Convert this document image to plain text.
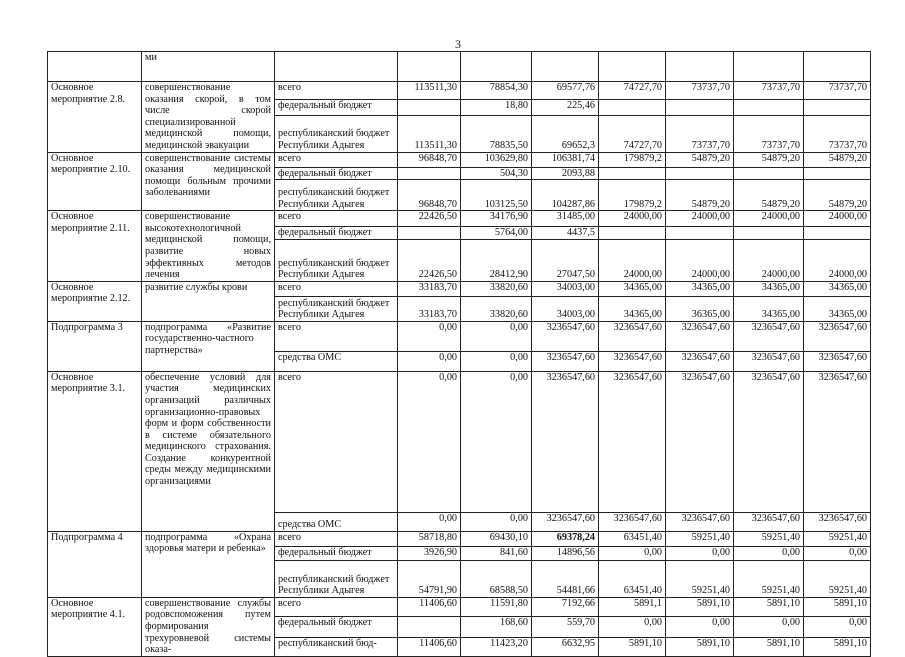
3
	ми								
Основное мероприятие 2.8.	совершенствование оказания скорой, в том числе скорой специализированной медицинской помощи, медицинской эвакуации	всего	113511,30	78854,30	69577,76	74727,70	73737,70	73737,70	73737,70
		федеральный бюджет		18,80	225,46				
		республиканский бюджет Республики Адыгея	113511,30	78835,50	69652,3	74727,70	73737,70	73737,70	73737,70
Основное мероприятие 2.10.	совершенствование системы оказания медицинской помощи больным прочими заболеваниями	всего	96848,70	103629,80	106381,74	179879,2	54879,20	54879,20	54879,20
		федеральный бюджет		504,30	2093,88				
		республиканский бюджет Республики Адыгея	96848,70	103125,50	104287,86	179879,2	54879,20	54879,20	54879,20
Основное мероприятие 2.11.	совершенствование высокотехнологичной медицинской помощи, развитие новых эффективных методов лечения	всего	22426,50	34176,90	31485,00	24000,00	24000,00	24000,00	24000,00
		федеральный бюджет		5764,00	4437,5				
		республиканский бюджет Республики Адыгея	22426,50	28412,90	27047,50	24000,00	24000,00	24000,00	24000,00
Основное мероприятие 2.12.	развитие службы крови	всего	33183,70	33820,60	34003,00	34365,00	34365,00	34365,00	34365,00
		республиканский бюджет Республики Адыгея	33183,70	33820,60	34003,00	34365,00	36365,00	34365,00	34365,00
Подпрограмма 3	подпрограмма «Развитие государственно-частного партнерства»	всего	0,00	0,00	3236547,60	3236547,60	3236547,60	3236547,60	3236547,60
		средства ОМС	0,00	0,00	3236547,60	3236547,60	3236547,60	3236547,60	3236547,60
Основное мероприятие 3.1.	обеспечение условий для участия медицинских организаций различных организационно-правовых форм и форм собственности в системе обязательного медицинского страхования. Создание конкурентной среды между медицинскими организациями	всего	0,00	0,00	3236547,60	3236547,60	3236547,60	3236547,60	3236547,60
		средства ОМС	0,00	0,00	3236547,60	3236547,60	3236547,60	3236547,60	3236547,60
Подпрограмма 4	подпрограмма «Охрана здоровья матери и ребенка»	всего	58718,80	69430,10	69378,24	63451,40	59251,40	59251,40	59251,40
		федеральный бюджет	3926,90	841,60	14896,56	0,00	0,00	0,00	0,00
		республиканский бюджет Республики Адыгея	54791,90	68588,50	54481,66	63451,40	59251,40	59251,40	59251,40
Основное мероприятие 4.1.	совершенствование службы родовспоможения путем формирования трехуровневой системы оказа-	всего	11406,60	11591,80	7192,66	5891,1	5891,10	5891,10	5891,10
		федеральный бюджет		168,60	559,70	0,00	0,00	0,00	0,00
		республиканский бюд-	11406,60	11423,20	6632,95	5891,10	5891,10	5891,10	5891,10
